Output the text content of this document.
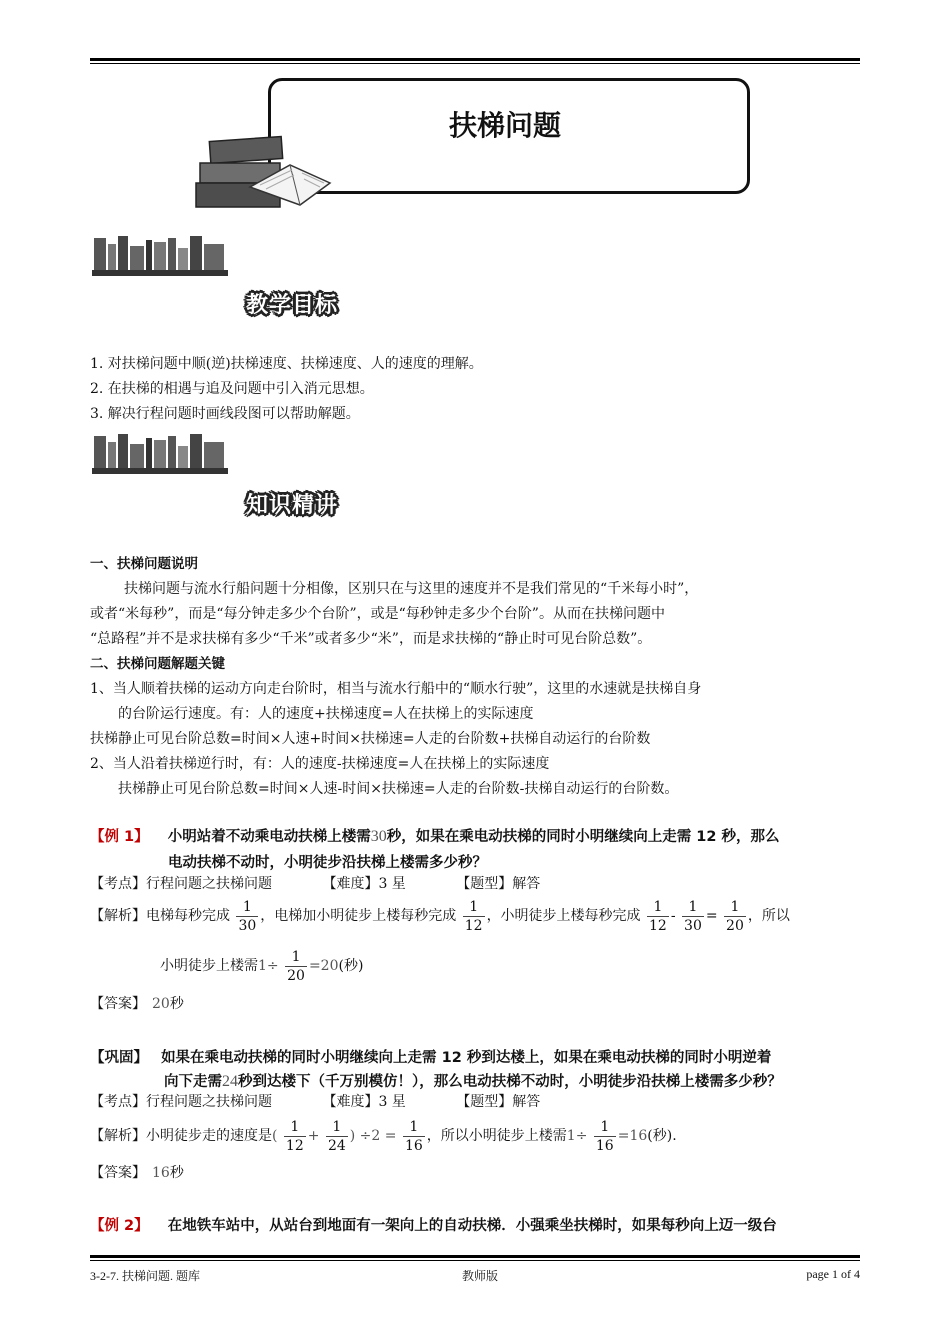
扶梯问题
教学目标
1. 对扶梯问题中顺(逆)扶梯速度、扶梯速度、人的速度的理解。
2. 在扶梯的相遇与追及问题中引入消元思想。
3. 解决行程问题时画线段图可以帮助解题。
知识精讲
一、扶梯问题说明
扶梯问题与流水行船问题十分相像，区别只在与这里的速度并不是我们常见的“千米每小时”，
或者“米每秒”，而是“每分钟走多少个台阶”，或是“每秒钟走多少个台阶”。从而在扶梯问题中
“总路程”并不是求扶梯有多少“千米”或者多少“米”，而是求扶梯的“静止时可见台阶总数”。
二、扶梯问题解题关键
1、当人顺着扶梯的运动方向走台阶时，相当与流水行船中的“顺水行驶”，这里的水速就是扶梯自身
的台阶运行速度。有：人的速度+扶梯速度=人在扶梯上的实际速度
扶梯静止可见台阶总数=时间×人速+时间×扶梯速=人走的台阶数+扶梯自动运行的台阶数
2、当人沿着扶梯逆行时，有：人的速度-扶梯速度=人在扶梯上的实际速度
扶梯静止可见台阶总数=时间×人速-时间×扶梯速=人走的台阶数-扶梯自动运行的台阶数。
【例 1】 小明站着不动乘电动扶梯上楼需30秒，如果在乘电动扶梯的同时小明继续向上走需 12 秒，那么
电动扶梯不动时，小明徒步沿扶梯上楼需多少秒？
【考点】行程问题之扶梯问题	【难度】3 星	【题型】解答
【解析】电梯每秒完成 $\frac{1}{30}$ ，电梯加小明徒步上楼每秒完成 $\frac{1}{12}$ ，小明徒步上楼每秒完成 $\frac{1}{12} - \frac{1}{30} = \frac{1}{20}$ ，所以
小明徒步上楼需$1\div \frac{1}{20} =20$(秒)
【答案】 20秒
【巩固】 如果在乘电动扶梯的同时小明继续向上走需 12 秒到达楼上，如果在乘电动扶梯的同时小明逆着
向下走需24秒到达楼下（千万别模仿！），那么电动扶梯不动时，小明徒步沿扶梯上楼需多少秒？
【考点】行程问题之扶梯问题	【难度】3 星	【题型】解答
【解析】小明徒步走的速度是( $\frac{1}{12} + \frac{1}{24}$ ) $\div 2 = \frac{1}{16}$ ，所以小明徒步上楼需$1\div \frac{1}{16} =16$(秒).
【答案】 16秒
【例 2】 在地铁车站中，从站台到地面有一架向上的自动扶梯．小强乘坐扶梯时，如果每秒向上迈一级台
3-2-7. 扶梯问题. 题库	教师版	page 1 of 4
